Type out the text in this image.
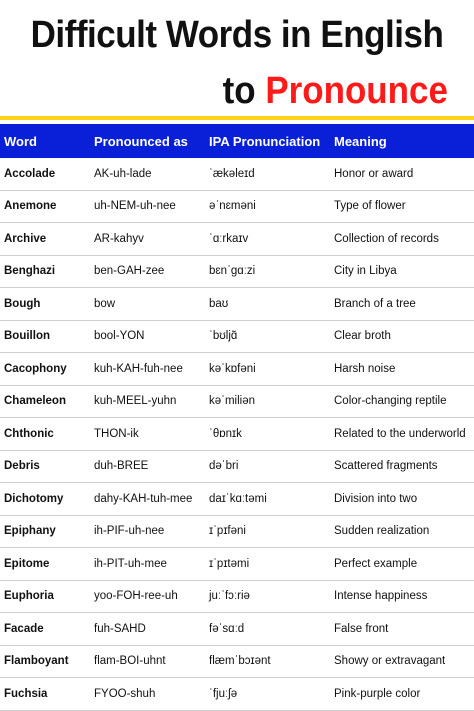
Difficult Words in English
to Pronounce
Word	Pronounced as	IPA Pronunciation	Meaning
Accolade	AK-uh-lade	ˈækəleɪd	Honor or award
Anemone	uh-NEM-uh-nee	əˈnɛməni	Type of flower
Archive	AR-kahyv	ˈɑːrkaɪv	Collection of records
Benghazi	ben-GAH-zee	bɛnˈɡɑːzi	City in Libya
Bough	bow	baʊ	Branch of a tree
Bouillon	bool-YON	ˈbʊljɑ̃	Clear broth
Cacophony	kuh-KAH-fuh-nee	kəˈkɒfəni	Harsh noise
Chameleon	kuh-MEEL-yuhn	kəˈmiliən	Color-changing reptile
Chthonic	THON-ik	ˈθɒnɪk	Related to the underworld
Debris	duh-BREE	dəˈbri	Scattered fragments
Dichotomy	dahy-KAH-tuh-mee	daɪˈkɑːtəmi	Division into two
Epiphany	ih-PIF-uh-nee	ɪˈpɪfəni	Sudden realization
Epitome	ih-PIT-uh-mee	ɪˈpɪtəmi	Perfect example
Euphoria	yoo-FOH-ree-uh	juːˈfɔːriə	Intense happiness
Facade	fuh-SAHD	fəˈsɑːd	False front
Flamboyant	flam-BOI-uhnt	flæmˈbɔɪənt	Showy or extravagant
Fuchsia	FYOO-shuh	ˈfjuːʃə	Pink-purple color
